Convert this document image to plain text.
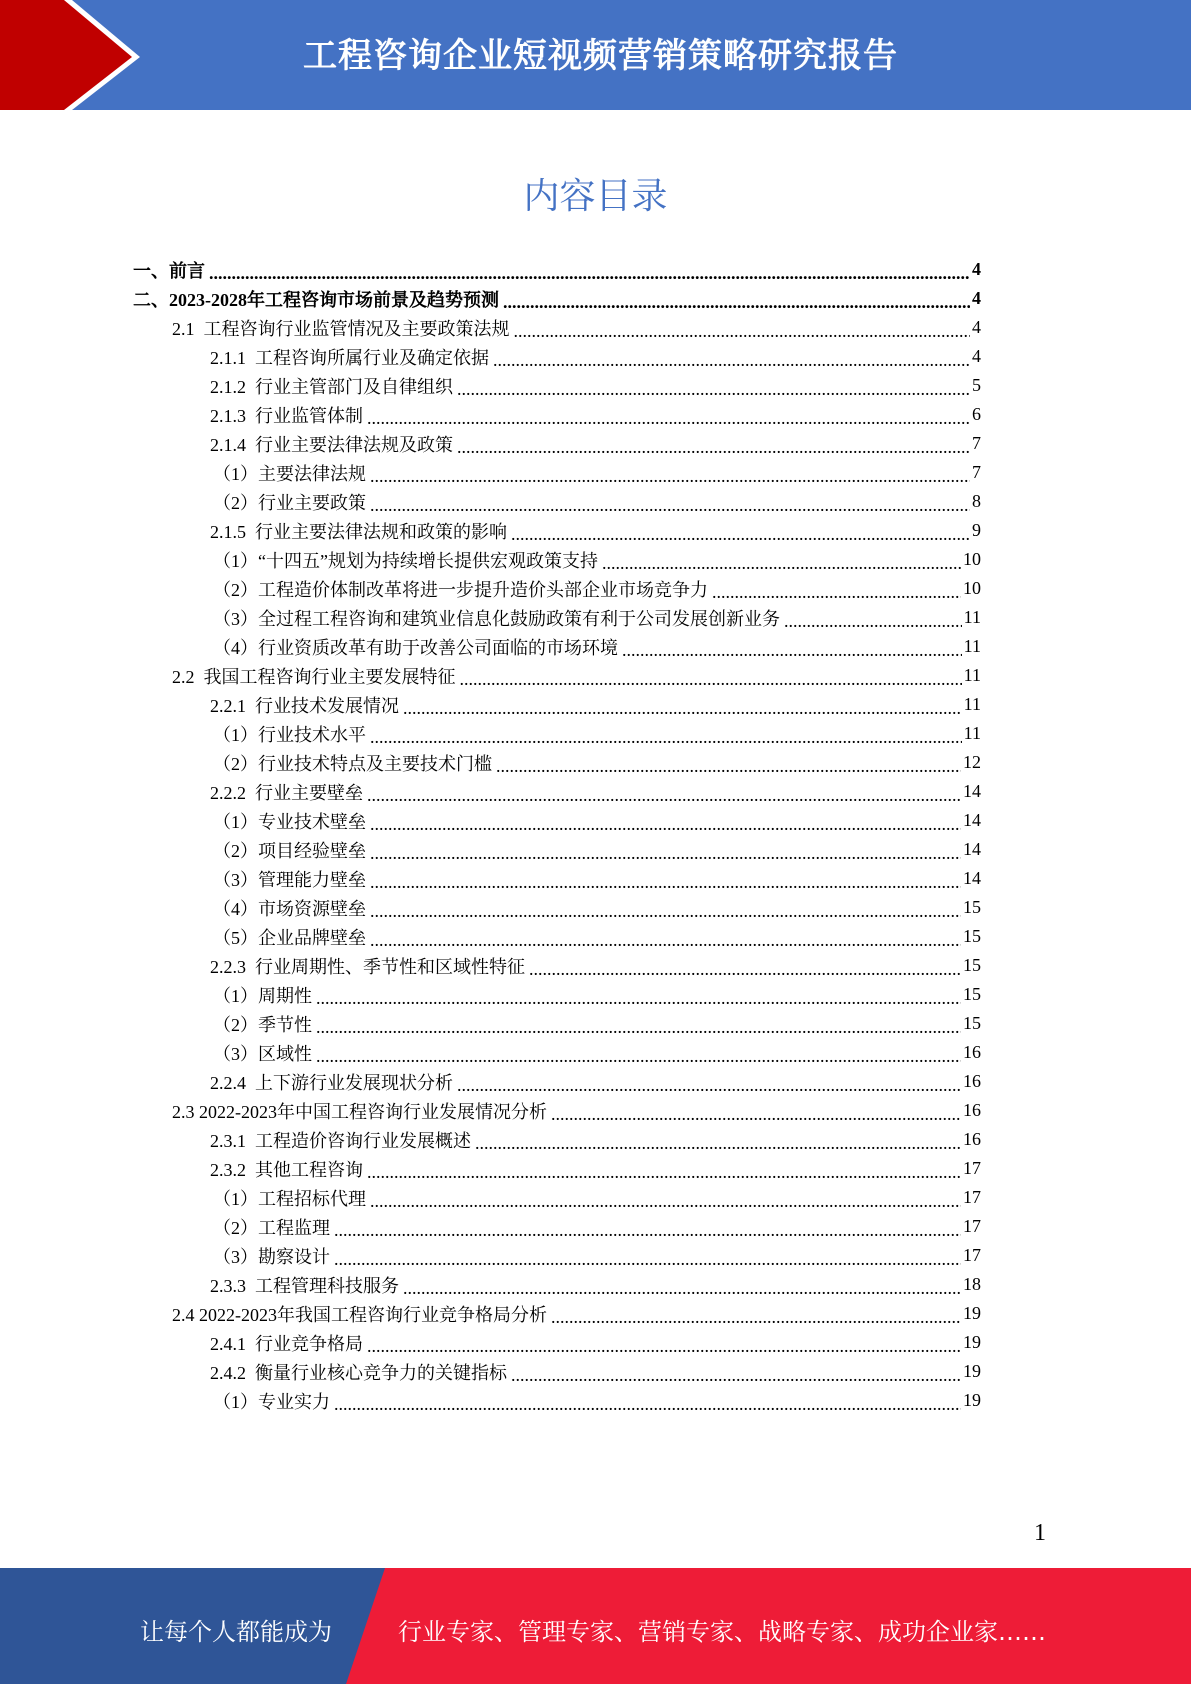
工程咨询企业短视频营销策略研究报告
内容目录
一、前言 .....	4
二、2023-2028年工程咨询市场前景及趋势预测 .....	4
2.1  工程咨询行业监管情况及主要政策法规 .....	4
2.1.1  工程咨询所属行业及确定依据 .....	4
2.1.2  行业主管部门及自律组织 .....	5
2.1.3  行业监管体制 .....	6
2.1.4  行业主要法律法规及政策 .....	7
（1）主要法律法规 .....	7
（2）行业主要政策 .....	8
2.1.5  行业主要法律法规和政策的影响 .....	9
（1）“十四五”规划为持续增长提供宏观政策支持 .....	10
（2）工程造价体制改革将进一步提升造价头部企业市场竞争力 .....	10
（3）全过程工程咨询和建筑业信息化鼓励政策有利于公司发展创新业务 .....	11
（4）行业资质改革有助于改善公司面临的市场环境 .....	11
2.2  我国工程咨询行业主要发展特征 .....	11
2.2.1  行业技术发展情况 .....	11
（1）行业技术水平 .....	11
（2）行业技术特点及主要技术门槛 .....	12
2.2.2  行业主要壁垒 .....	14
（1）专业技术壁垒 .....	14
（2）项目经验壁垒 .....	14
（3）管理能力壁垒 .....	14
（4）市场资源壁垒 .....	15
（5）企业品牌壁垒 .....	15
2.2.3  行业周期性、季节性和区域性特征 .....	15
（1）周期性 .....	15
（2）季节性 .....	15
（3）区域性 .....	16
2.2.4  上下游行业发展现状分析 .....	16
2.3 2022-2023年中国工程咨询行业发展情况分析 .....	16
2.3.1  工程造价咨询行业发展概述 .....	16
2.3.2  其他工程咨询 .....	17
（1）工程招标代理 .....	17
（2）工程监理 .....	17
（3）勘察设计 .....	17
2.3.3  工程管理科技服务 .....	18
2.4 2022-2023年我国工程咨询行业竞争格局分析 .....	19
2.4.1  行业竞争格局 .....	19
2.4.2  衡量行业核心竞争力的关键指标 .....	19
（1）专业实力 .....	19
1
让每个人都能成为	行业专家、管理专家、营销专家、战略专家、成功企业家……
